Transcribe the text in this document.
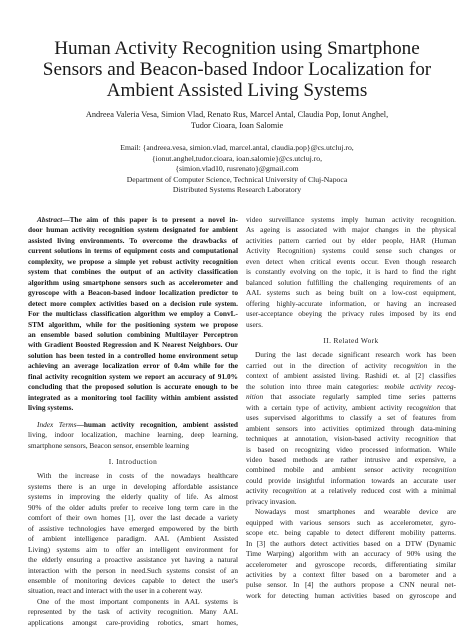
Human Activity Recognition using Smartphone
Sensors and Beacon-based Indoor Localization for
Ambient Assisted Living Systems
Andreea Valeria Vesa, Simion Vlad, Renato Rus, Marcel Antal, Claudia Pop, Ionut Anghel,
Tudor Cioara, Ioan Salomie
Email: {andreea.vesa, simion.vlad, marcel.antal, claudia.pop}@cs.utcluj.ro,
{ionut.anghel,tudor.cioara, ioan.salomie}@cs.utcluj.ro,
{simion.vlad10, rusrenato}@gmail.com
Department of Computer Science, Technical University of Cluj-Napoca
Distributed Systems Research Laboratory
Abstract—The aim of this paper is to present a novel in-
door human activity recognition system designated for ambient
assisted living environments. To overcome the drawbacks of
current solutions in terms of equipment costs and computational
complexity, we propose a simple yet robust activity recognition
system that combines the output of an activity classification
algorithm using smartphone sensors such as accelerometer and
gyroscope with a Beacon-based indoor localization predictor to
detect more complex activities based on a decision rule system.
For the multiclass classification algorithm we employ a ConvL-
STM algorithm, while for the positioning system we propose
an ensemble based solution combining Multilayer Perceptron
with Gradient Boosted Regression and K Nearest Neighbors. Our
solution has been tested in a controlled home environment setup
achieving an average localization error of 0.4m while for the
final activity recognition system we report an accuracy of 91.0%
concluding that the proposed solution is accurate enough to be
integrated as a monitoring tool facility within ambient assisted
living systems.
Index Terms—human activity recognition, ambient assisted
living, indoor localization, machine learning, deep learning,
smartphone sensors, Beacon sensor, ensemble learning
I. Introduction
With the increase in costs of the nowadays healthcare
systems there is an urge in developing affordable assistance
systems in improving the elderly quality of life. As almost
90% of the older adults prefer to receive long term care in the
comfort of their own homes [1], over the last decade a variety
of assistive technologies have emerged empowered by the birth
of ambient intelligence paradigm. AAL (Ambient Assisted
Living) systems aim to offer an intelligent environment for
the elderly ensuring a proactive assistance yet having a natural
interaction with the person in need.Such systems consist of an
ensemble of monitoring devices capable to detect the user's
situation, react and interact with the user in a coherent way.
One of the most important components in AAL systems is
represented by the task of activity recognition. Many AAL
applications amongst care-providing robotics, smart homes,
video surveillance systems imply human activity recognition.
As ageing is associated with major changes in the physical
activities pattern carried out by elder people, HAR (Human
Activity Recognition) systems could sense such changes or
even detect when critical events occur. Even though research
is constantly evolving on the topic, it is hard to find the right
balanced solution fulfilling the challenging requirements of an
AAL systems such as being built on a low-cost equipment,
offering highly-accurate information, or having an increased
user-acceptance obeying the privacy rules imposed by its end
users.
II. Related Work
During the last decade significant research work has been
carried out in the direction of activity recognition in the
context of ambient assisted living. Rashidi et. al [2] classifies
the solution into three main categories: mobile activity recog-
nition that associate regularly sampled time series patterns
with a certain type of activity, ambient activity recognition that
uses supervised algorithms to classify a set of features from
ambient sensors into activities optimized through data-mining
techniques at annotation, vision-based activity recognition that
is based on recognizing video processed information. While
video based methods are rather intrusive and expensive, a
combined mobile and ambient sensor activity recognition
could provide insightful information towards an accurate user
activity recognition at a relatively reduced cost with a minimal
privacy invasion.
Nowadays most smartphones and wearable device are
equipped with various sensors such as accelerometer, gyro-
scope etc. being capable to detect different mobility patterns.
In [3] the authors detect activities based on a DTW (Dynamic
Time Warping) algorithm with an accuracy of 90% using the
accelerometer and gyroscope records, differentiating similar
activities by a context filter based on a barometer and a
pulse sensor. In [4] the authors propose a CNN neural net-
work for detecting human activities based on gyroscope and
